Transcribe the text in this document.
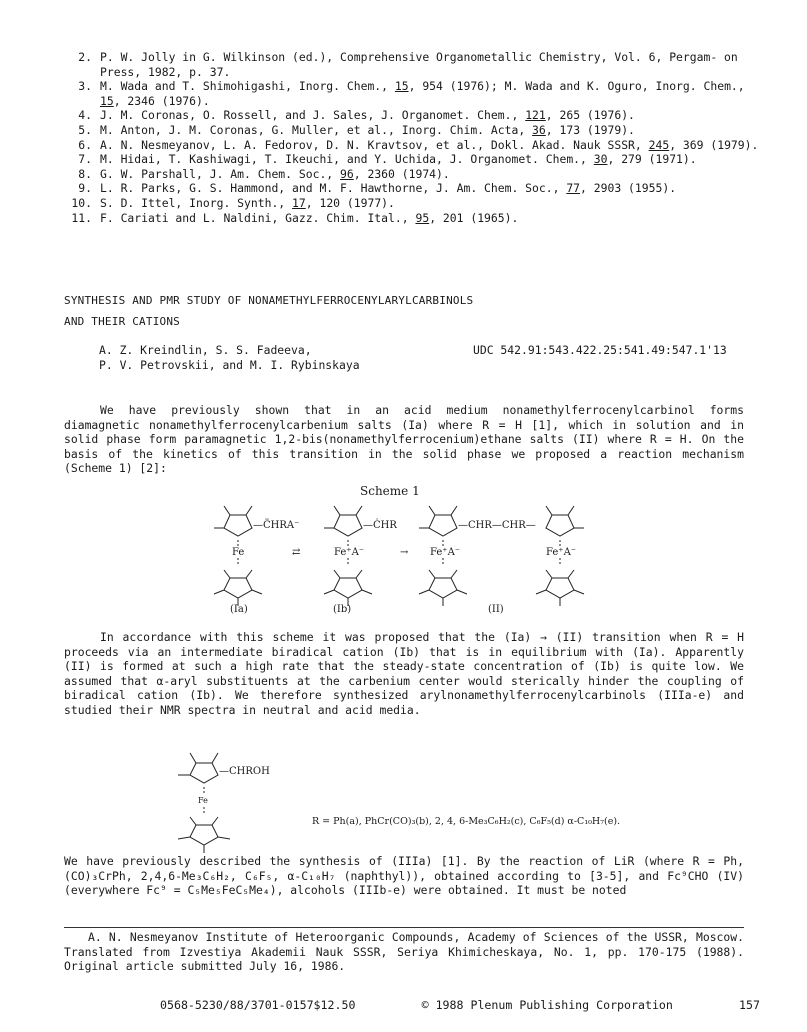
2. P. W. Jolly in G. Wilkinson (ed.), Comprehensive Organometallic Chemistry, Vol. 6, Pergam- on Press, 1982, p. 37.
3. M. Wada and T. Shimohigashi, Inorg. Chem., 15, 954 (1976); M. Wada and K. Oguro, Inorg. Chem., 15, 2346 (1976).
4. J. M. Coronas, O. Rossell, and J. Sales, J. Organomet. Chem., 121, 265 (1976).
5. M. Anton, J. M. Coronas, G. Muller, et al., Inorg. Chim. Acta, 36, 173 (1979).
6. A. N. Nesmeyanov, L. A. Fedorov, D. N. Kravtsov, et al., Dokl. Akad. Nauk SSSR, 245, 369 (1979).
7. M. Hidai, T. Kashiwagi, T. Ikeuchi, and Y. Uchida, J. Organomet. Chem., 30, 279 (1971).
8. G. W. Parshall, J. Am. Chem. Soc., 96, 2360 (1974).
9. L. R. Parks, G. S. Hammond, and M. F. Hawthorne, J. Am. Chem. Soc., 77, 2903 (1955).
10. S. D. Ittel, Inorg. Synth., 17, 120 (1977).
11. F. Cariati and L. Naldini, Gazz. Chim. Ital., 95, 201 (1965).
SYNTHESIS AND PMR STUDY OF NONAMETHYLFERROCENYLARYLCARBINOLS
AND THEIR CATIONS
A. Z. Kreindlin, S. S. Fadeeva,
P. V. Petrovskii, and M. I. Rybinskaya
UDC 542.91:543.422.25:541.49:547.1'13

We have previously shown that in an acid medium nonamethylferrocenylcarbinol forms diamagnetic nonamethylferrocenylcarbenium salts (Ia) where R = H [1], which in solution and in solid phase form paramagnetic 1,2-bis(nonamethylferrocenium)ethane salts (II) where R = H. On the basis of the kinetics of this transition in the solid phase we proposed a reaction mechanism (Scheme 1) [2]:

Scheme 1
—C̈HRA⁻	—ĊHR	—CHR—CHR—
Fe	⇄	Fe⁺A⁻	→ Fe⁺A⁻	Fe⁺A⁻
(Ia)	(Ib)	(II)

In accordance with this scheme it was proposed that the (Ia) → (II) transition when R = H proceeds via an intermediate biradical cation (Ib) that is in equilibrium with (Ia). Apparently (II) is formed at such a high rate that the steady-state concentration of (Ib) is quite low. We assumed that α-aryl substituents at the carbenium center would sterically hinder the coupling of biradical cation (Ib). We therefore synthesized arylnonamethylferrocenylcarbinols (IIIa-e) and studied their NMR spectra in neutral and acid media.

—CHROH
Fe
R = Ph(a), PhCr(CO)₃(b), 2, 4, 6-Me₃C₆H₂(c), C₆F₅(d) α-C₁₀H₇(e).

We have previously described the synthesis of (IIIa) [1]. By the reaction of LiR (where R = Ph, (CO)₃CrPh, 2,4,6-Me₃C₆H₂, C₆F₅, α-C₁₀H₇ (naphthyl)), obtained according to [3-5], and Fc⁹CHO (IV) (everywhere Fc⁹ = C₅Me₅FeC₅Me₄), alcohols (IIIb-e) were obtained. It must be noted

A. N. Nesmeyanov Institute of Heteroorganic Compounds, Academy of Sciences of the USSR, Moscow. Translated from Izvestiya Akademii Nauk SSSR, Seriya Khimicheskaya, No. 1, pp. 170-175 (1988). Original article submitted July 16, 1986.
0568-5230/88/3701-0157$12.50	© 1988 Plenum Publishing Corporation	157
